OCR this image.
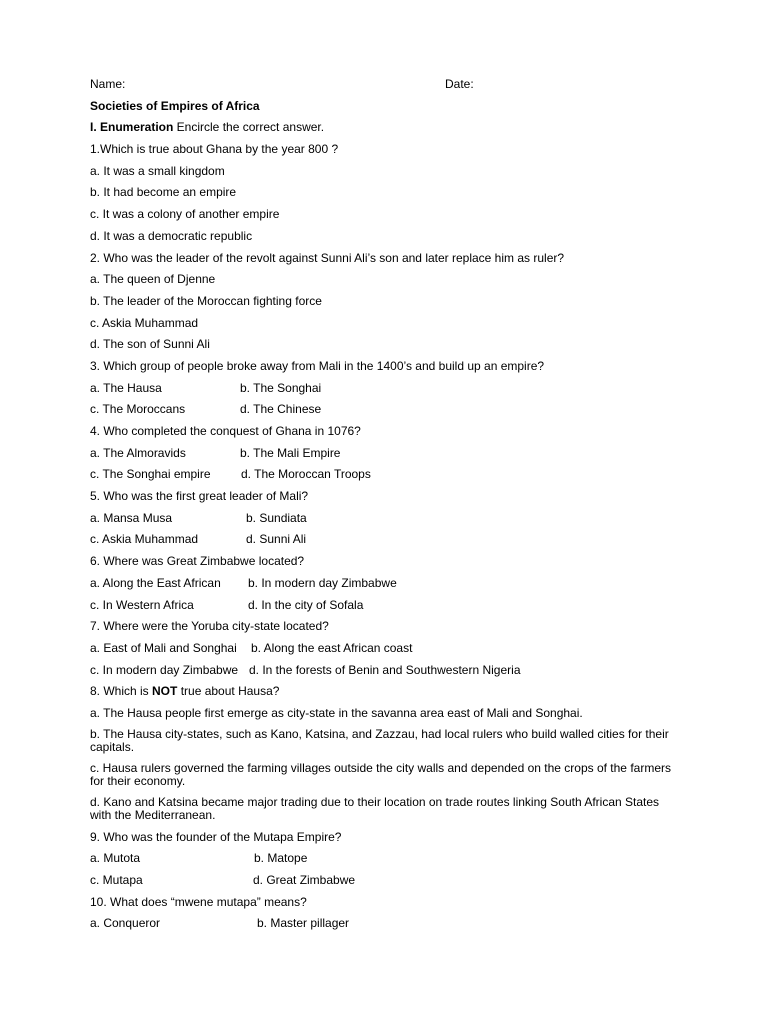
Name:	Date:
Societies of Empires of Africa
I. Enumeration Encircle the correct answer.
1.Which is true about Ghana by the year 800 ?
a. It was a small kingdom
b. It had become an empire
c. It was a colony of another empire
d. It was a democratic republic
2. Who was the leader of the revolt against Sunni Ali’s son and later replace him as ruler?
a. The queen of Djenne
b. The leader of the Moroccan fighting force
c. Askia Muhammad
d. The son of Sunni Ali
3. Which group of people broke away from Mali in the 1400’s and build up an empire?
a. The Hausa	b. The Songhai
c. The Moroccans	d. The Chinese
4. Who completed the conquest of Ghana in 1076?
a. The Almoravids	b. The Mali Empire
c. The Songhai empire	d. The Moroccan Troops
5. Who was the first great leader of Mali?
a. Mansa Musa	b. Sundiata
c. Askia Muhammad	d. Sunni Ali
6. Where was Great Zimbabwe located?
a. Along the East African b. In modern day Zimbabwe
c. In Western Africa	d. In the city of Sofala
7. Where were the Yoruba city-state located?
a. East of Mali and Songhai b. Along the east African coast
c. In modern day Zimbabwe d. In the forests of Benin and Southwestern Nigeria
8. Which is NOT true about Hausa?
a. The Hausa people first emerge as city-state in the savanna area east of Mali and Songhai.
b. The Hausa city-states, such as Kano, Katsina, and Zazzau, had local rulers who build walled cities for their capitals.
c. Hausa rulers governed the farming villages outside the city walls and depended on the crops of the farmers for their economy.
d. Kano and Katsina became major trading due to their location on trade routes linking South African States with the Mediterranean.
9. Who was the founder of the Mutapa Empire?
a. Mutota	b. Matope
c. Mutapa	d. Great Zimbabwe
10. What does “mwene mutapa” means?
a. Conqueror	b. Master pillager
